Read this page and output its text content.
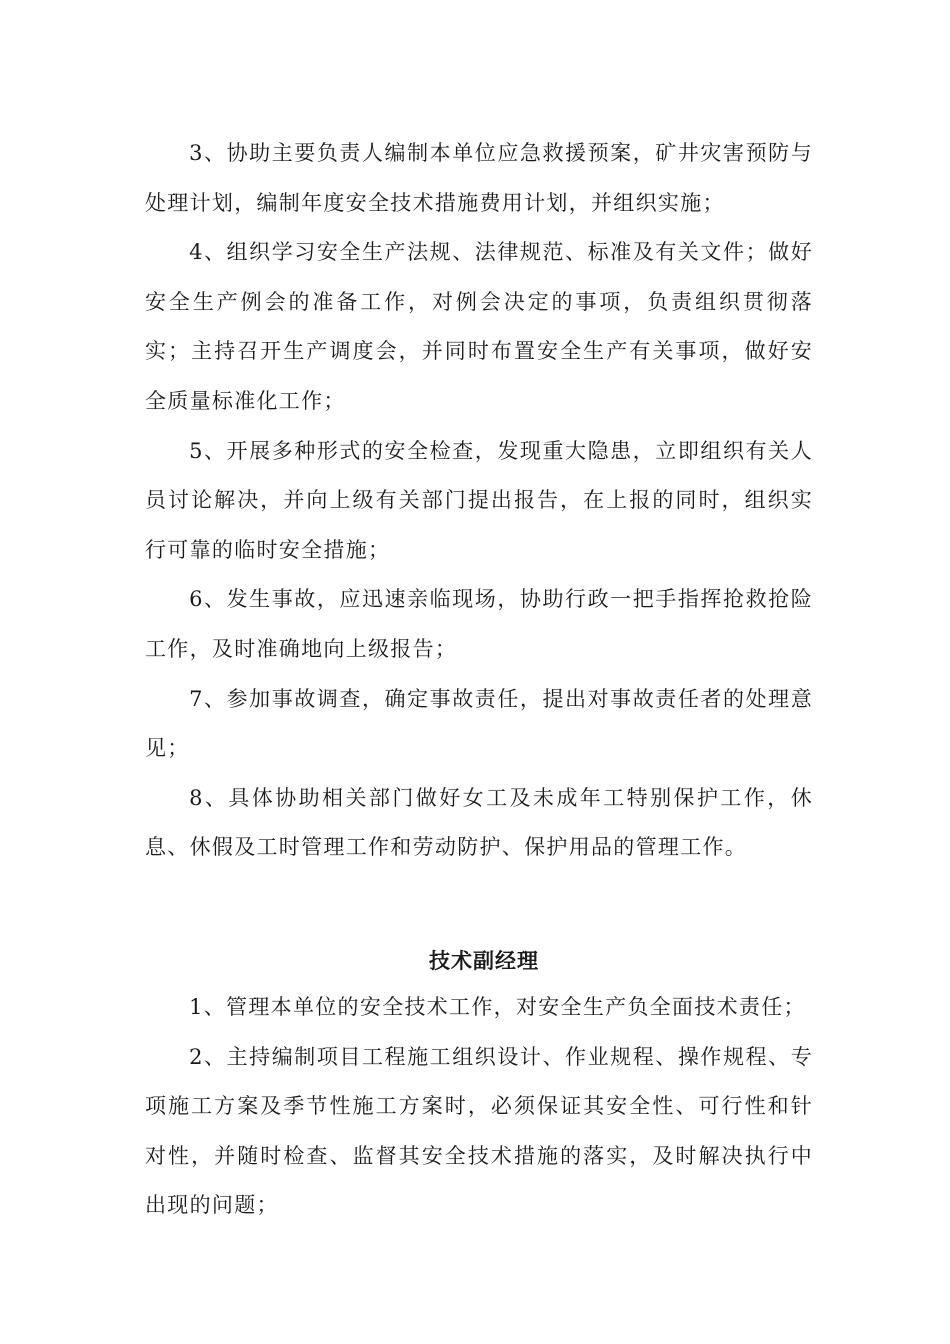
3、协助主要负责人编制本单位应急救援预案，矿井灾害预防与处理计划，编制年度安全技术措施费用计划，并组织实施；

4、组织学习安全生产法规、法律规范、标准及有关文件；做好安全生产例会的准备工作，对例会决定的事项，负责组织贯彻落实；主持召开生产调度会，并同时布置安全生产有关事项，做好安全质量标准化工作；

5、开展多种形式的安全检查，发现重大隐患，立即组织有关人员讨论解决，并向上级有关部门提出报告，在上报的同时，组织实行可靠的临时安全措施；

6、发生事故，应迅速亲临现场，协助行政一把手指挥抢救抢险工作，及时准确地向上级报告；

7、参加事故调查，确定事故责任，提出对事故责任者的处理意见；

8、具体协助相关部门做好女工及未成年工特别保护工作，休息、休假及工时管理工作和劳动防护、保护用品的管理工作。

技术副经理

1、管理本单位的安全技术工作，对安全生产负全面技术责任；

2、主持编制项目工程施工组织设计、作业规程、操作规程、专项施工方案及季节性施工方案时，必须保证其安全性、可行性和针对性，并随时检查、监督其安全技术措施的落实，及时解决执行中出现的问题；
